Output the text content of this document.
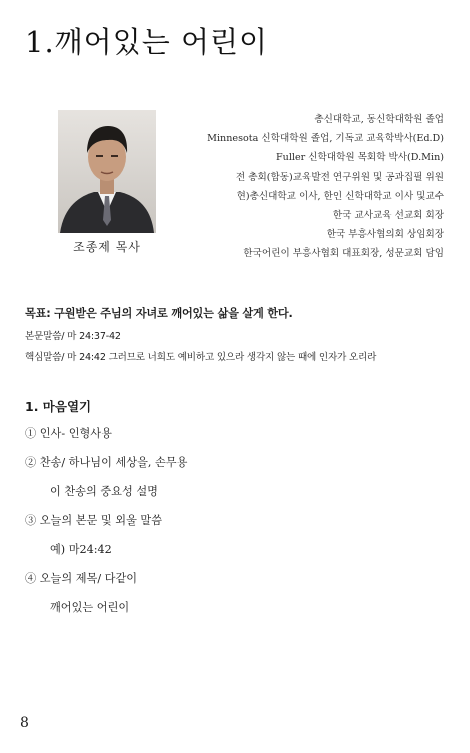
1.깨어있는 어린이
조종제 목사
총신대학교, 동신학대학원 졸업
Minnesota 신학대학원 졸업, 기독교 교육학박사(Ed.D)
Fuller 신학대학원 목회학 박사(D.Min)
전 총회(합동)교육발전 연구위원 및 공과집필 위원
현)총신대학교 이사, 한인 신학대학교 이사 및교수
한국 교사교육 선교회 회장
한국 부흥사협의회 상임회장
한국어린이 부흥사협회 대표회장, 성문교회 담임
목표: 구원받은 주님의 자녀로 깨어있는 삶을 살게 한다.
본문말씀/ 마 24:37-42
핵심말씀/ 마 24:42 그러므로 너희도 예비하고 있으라 생각지 않는 때에 인자가 오리라
1. 마음열기
① 인사- 인형사용
② 찬송/ 하나님이 세상을, 손무용
이 찬송의 중요성 설명
③ 오늘의 본문 및 외울 말씀
예) 마24:42
④ 오늘의 제목/ 다같이
깨어있는 어린이
8
